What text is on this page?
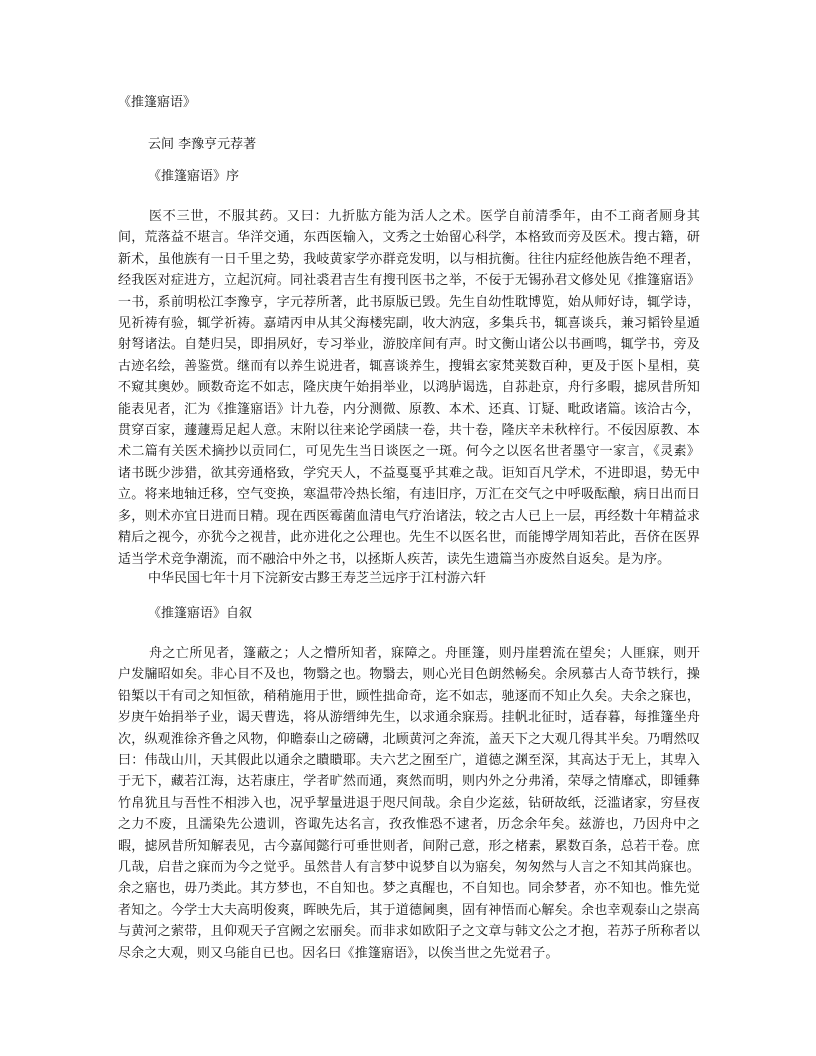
《推篷寤语》

云间 李豫亨元荐著

《推篷寤语》序

医不三世，不服其药。又曰：九折肱方能为活人之术。医学自前清季年，由不工商者厕身其间，荒落益不堪言。华洋交通，东西医输入，文秀之士始留心科学，本格致而旁及医术。搜古籍，研新术，虽他族有一日千里之势，我岐黄家学亦群竞发明，以与相抗衡。往往内症经他族告绝不理者，经我医对症进方，立起沉疴。同社裘君吉生有搜刊医书之举，不佞于无锡孙君文修处见《推篷寤语》一书，系前明松江李豫亨，字元荐所著，此书原版已毁。先生自幼性耽博览，始从师好诗，辄学诗，见祈祷有验，辄学祈祷。嘉靖丙申从其父海楼宪副，收大汭寇，多集兵书，辄喜谈兵，兼习韬铃星遁射弩诸法。自楚归吴，即捐夙好，专习举业，游胶庠间有声。时文衡山诸公以书画鸣，辄学书，旁及古迹名绘，善鉴赏。继而有以养生说进者，辄喜谈养生，搜辑玄家梵荚数百种，更及于医卜星相，莫不窥其奥妙。顾数奇迄不如志，隆庆庚午始捐举业，以鸿胪谒选，自荪赴京，舟行多暇，摅夙昔所知能表见者，汇为《推篷寤语》计九卷，内分测微、原教、本术、还真、订疑、毗政诸篇。该洽古今，贯穿百家，蘧蘧焉足起人意。末附以往来论学函牍一卷，共十卷，隆庆辛未秋梓行。不佞因原教、本术二篇有关医术摘抄以贡同仁，可见先生当日谈医之一斑。何今之以医名世者墨守一家言，《灵素》诸书既少涉猎，欲其旁通格致，学究天人，不益戛戛乎其难之哉。讵知百凡学术，不进即退，势无中立。将来地轴迁移，空气变换，寒温带冷热长缩，有违旧序，万汇在交气之中呼吸酝酿，病日出而日多，则术亦宜日进而日精。现在西医霉菌血清电气疗治诸法，较之古人已上一层，再经数十年精益求精后之视今，亦犹今之视昔，此亦进化之公理也。先生不以医名世，而能博学周知若此，吾侪在医界适当学术竞争潮流，而不融洽中外之书，以拯斯人疾苦，读先生遗篇当亦废然自返矣。是为序。

中华民国七年十月下浣新安古黟王寿芝兰远序于江村游六轩

《推篷寤语》自叙

舟之亡所见者，篷蔽之；人之懵所知者，寐障之。舟匪篷，则丹崖碧流在望矣；人匪寐，则开户发牖昭如矣。非心目不及也，物翳之也。物翳去，则心光目色朗然畅矣。余夙慕古人奇节轶行，操铅椠以干有司之知恒欲，稍稍施用于世，顾性拙命奇，迄不如志，驰逐而不知止久矣。夫余之寐也，岁庚午始捐举子业，谒天曹选，将从游缙绅先生，以求通余寐焉。挂帆北征时，适春暮，每推篷坐舟次，纵观淮徐齐鲁之风物，仰瞻泰山之磅礴，北顾黄河之奔流，盖天下之大观几得其半矣。乃喟然叹曰：伟哉山川，天其假此以通余之瞶瞶耶。夫六艺之囿至广，道德之渊至深，其高达于无上，其卑入于无下，藏若江海，达若康庄，学者旷然而通，爽然而明，则内外之分弗淆，荣辱之情靡忒，即锺彝竹帛犹且与吾性不相涉入也，况乎挈量进退于咫尺间哉。余自少迄兹，钻研故纸，泛滥诸家，穷昼夜之力不废，且濡染先公遗训，咨诹先达名言，孜孜惟恐不逮者，历念余年矣。兹游也，乃因舟中之暇，摅夙昔所知解表见，古今嘉闻懿行可垂世则者，间附己意，形之楮素，累数百条，总若干卷。庶几哉，启昔之寐而为今之觉乎。虽然昔人有言梦中说梦自以为寤矣，匆匆然与人言之不知其尚寐也。余之寤也，毋乃类此。其方梦也，不自知也。梦之真醒也，不自知也。同余梦者，亦不知也。惟先觉者知之。今学士大夫高明俊爽，晖映先后，其于道德阃奥，固有神悟而心解矣。余也幸观泰山之崇高与黄河之萦带，且仰观天子宫阙之宏丽矣。而非求如欧阳子之文章与韩文公之才抱，若苏子所称者以尽余之大观，则又乌能自已也。因名曰《推篷寤语》，以俟当世之先觉君子。
